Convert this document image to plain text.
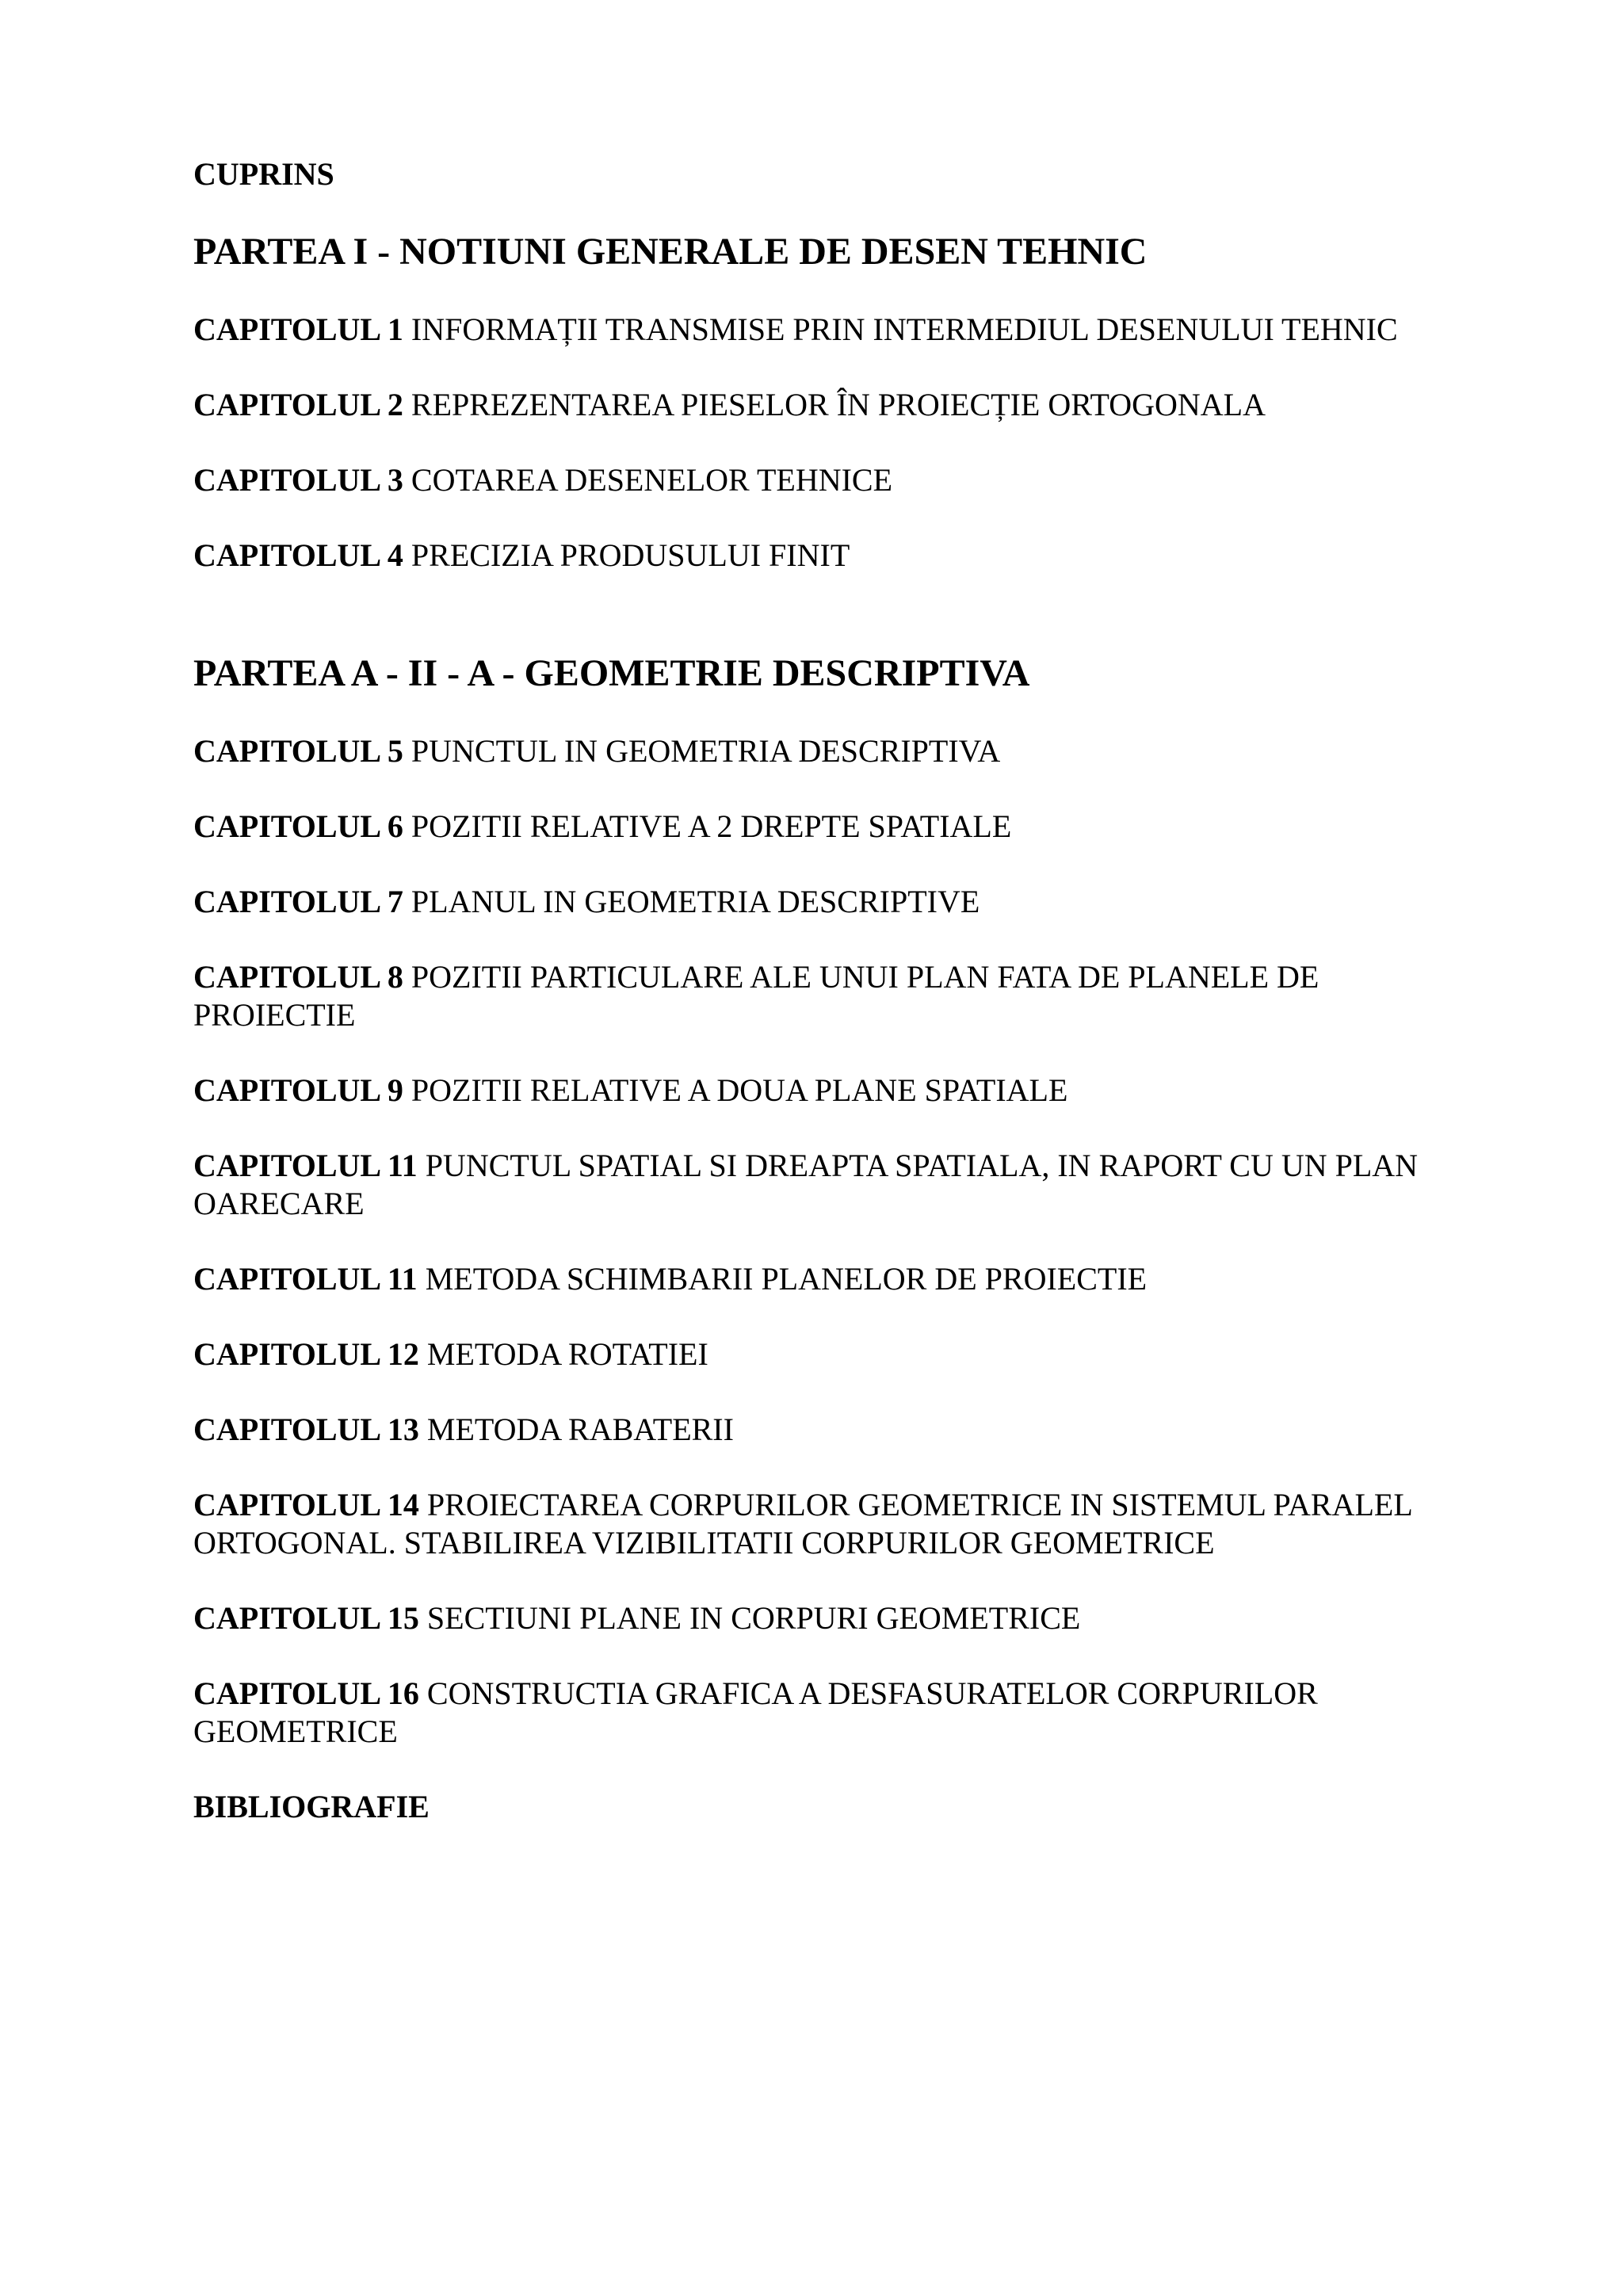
CUPRINS
PARTEA I - NOTIUNI GENERALE DE DESEN TEHNIC
CAPITOLUL 1 INFORMAȚII TRANSMISE PRIN INTERMEDIUL DESENULUI TEHNIC
CAPITOLUL 2 REPREZENTAREA PIESELOR ÎN PROIECȚIE ORTOGONALA
CAPITOLUL 3 COTAREA DESENELOR TEHNICE
CAPITOLUL 4 PRECIZIA PRODUSULUI FINIT
PARTEA A - II - A - GEOMETRIE DESCRIPTIVA
CAPITOLUL 5 PUNCTUL IN GEOMETRIA DESCRIPTIVA
CAPITOLUL 6 POZITII RELATIVE A 2 DREPTE SPATIALE
CAPITOLUL 7 PLANUL IN GEOMETRIA DESCRIPTIVE
CAPITOLUL 8 POZITII PARTICULARE ALE UNUI PLAN FATA DE PLANELE DE PROIECTIE
CAPITOLUL 9 POZITII RELATIVE A DOUA PLANE SPATIALE
CAPITOLUL 11 PUNCTUL SPATIAL SI DREAPTA SPATIALA, IN RAPORT CU UN PLAN OARECARE
CAPITOLUL 11 METODA SCHIMBARII PLANELOR DE PROIECTIE
CAPITOLUL 12 METODA ROTATIEI
CAPITOLUL 13 METODA RABATERII
CAPITOLUL 14 PROIECTAREA CORPURILOR GEOMETRICE IN SISTEMUL PARALEL ORTOGONAL. STABILIREA VIZIBILITATII CORPURILOR GEOMETRICE
CAPITOLUL 15 SECTIUNI PLANE IN CORPURI GEOMETRICE
CAPITOLUL 16 CONSTRUCTIA GRAFICA A DESFASURATELOR CORPURILOR GEOMETRICE
BIBLIOGRAFIE
